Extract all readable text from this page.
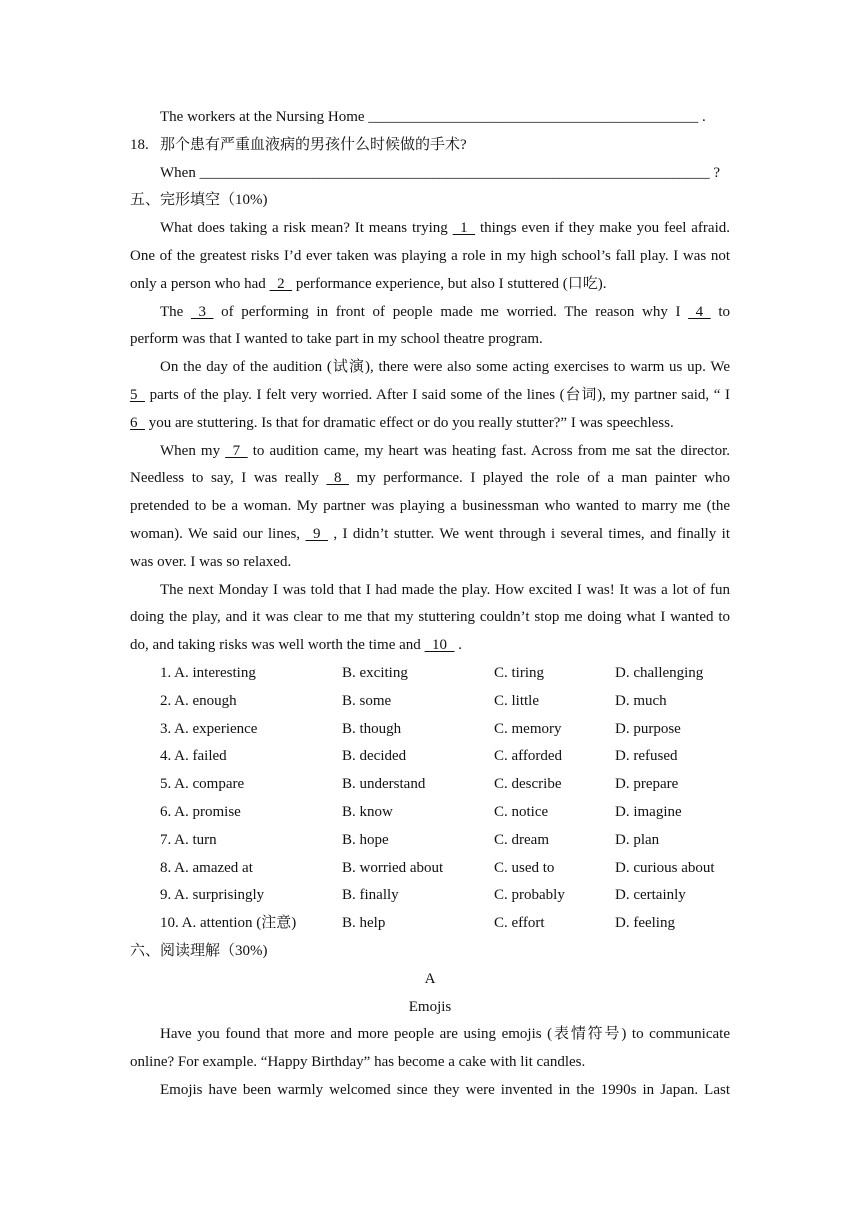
The workers at the Nursing Home ____________________________________________ .
18. 那个患有严重血液病的男孩什么时候做的手术?
When ____________________________________________________________________ ?
五、完形填空（10%)
What does taking a risk mean? It means trying   1   things even if they make you feel afraid.
One of the greatest risks I’d ever taken was playing a role in my high school’s fall play. I was not
only a person who had   2   performance experience, but also I stuttered (口吃).
The   3   of performing in front of people made me worried. The reason why I   4   to
perform was that I wanted to take part in my school theatre program.
On the day of the audition (试演), there were also some acting exercises to warm us up. We
5   parts of the play. I felt very worried. After I said some of the lines (台词), my partner said, “ I
6   you are stuttering. Is that for dramatic effect or do you really stutter?” I was speechless.
When my   7   to audition came, my heart was heating fast. Across from me sat the director.
Needless to say, I was really   8   my performance. I played the role of a man painter who
pretended to be a woman. My partner was playing a businessman who wanted to marry me (the
woman). We said our lines,   9   , I didn’t stutter. We went through i several times, and finally it
was over. I was so relaxed.
The next Monday I was told that I had made the play. How excited I was! It was a lot of fun
doing the play, and it was clear to me that my stuttering couldn’t stop me doing what I wanted to
do, and taking risks was well worth the time and   10   .
1. A. interesting	B. exciting	C. tiring	D. challenging
2. A. enough	B. some	C. little	D. much
3. A. experience	B. though	C. memory	D. purpose
4. A. failed	B. decided	C. afforded	D. refused
5. A. compare	B. understand	C. describe	D. prepare
6. A. promise	B. know	C. notice	D. imagine
7. A. turn	B. hope	C. dream	D. plan
8. A. amazed at	B. worried about	C. used to	D. curious about
9. A. surprisingly	B. finally	C. probably	D. certainly
10. A. attention (注意)	B. help	C. effort	D. feeling
六、阅读理解（30%)
A
Emojis
Have you found that more and more people are using emojis (表情符号) to communicate
online? For example. “Happy Birthday” has become a cake with lit candles.
Emojis have been warmly welcomed since they were invented in the 1990s in Japan. Last
